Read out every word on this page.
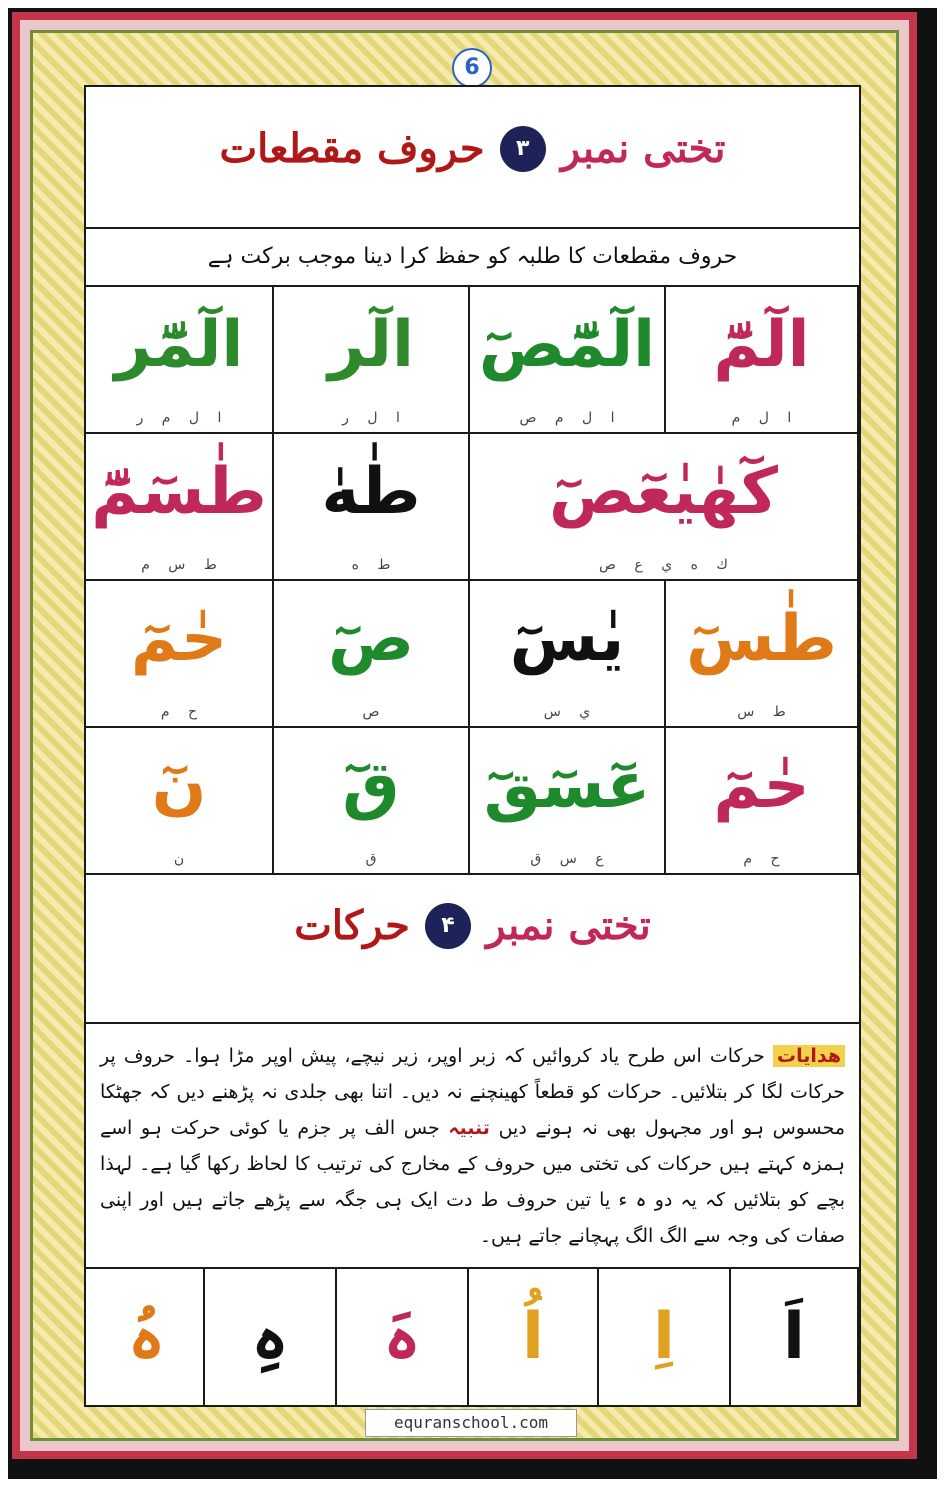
6
تختی نمبر ۳ حروف مقطعات
حروف مقطعات کا طلبہ کو حفظ کرا دینا موجب برکت ہے
الٓمّٓ
ا ل م
الٓمّٓصٓ
ا ل م ص
الٓر
ا ل ر
الٓمّٓر
ا ل م ر
كٓهٰيٰعٓصٓ
ك ه ي ع ص
طٰهٰ
ط ه
طٰسٓمّٓ
ط س م
طٰسٓ
ط س
يٰسٓ
ي س
صٓ
ص
حٰمٓ
ح م
حٰمٓ
ح م
عٓسٓقٓ
ع س ق
قٓ
ق
نٓ
ن
تختی نمبر ۴ حرکات
ھدایات حرکات اس طرح یاد کروائیں کہ زبر اوپر، زیر نیچے، پیش اوپر مڑا ہوا۔ حروف پر حرکات لگا کر بتلائیں۔ حرکات کو قطعاً کھینچنے نہ دیں۔ اتنا بھی جلدی نہ پڑھنے دیں کہ جھٹکا محسوس ہو اور مجہول بھی نہ ہونے دیں تنبیہ جس الف پر جزم یا کوئی حرکت ہو اسے ہمزہ کہتے ہیں حرکات کی تختی میں حروف کے مخارج کی ترتیب کا لحاظ رکھا گیا ہے۔ لہذا بچے کو بتلائیں کہ یہ دو ہ ء یا تین حروف ط دت ایک ہی جگہ سے پڑھے جاتے ہیں اور اپنی صفات کی وجہ سے الگ الگ پہچانے جاتے ہیں۔
اَ
اِ
اُ
ہَ
ہِ
ہُ
equranschool.com
